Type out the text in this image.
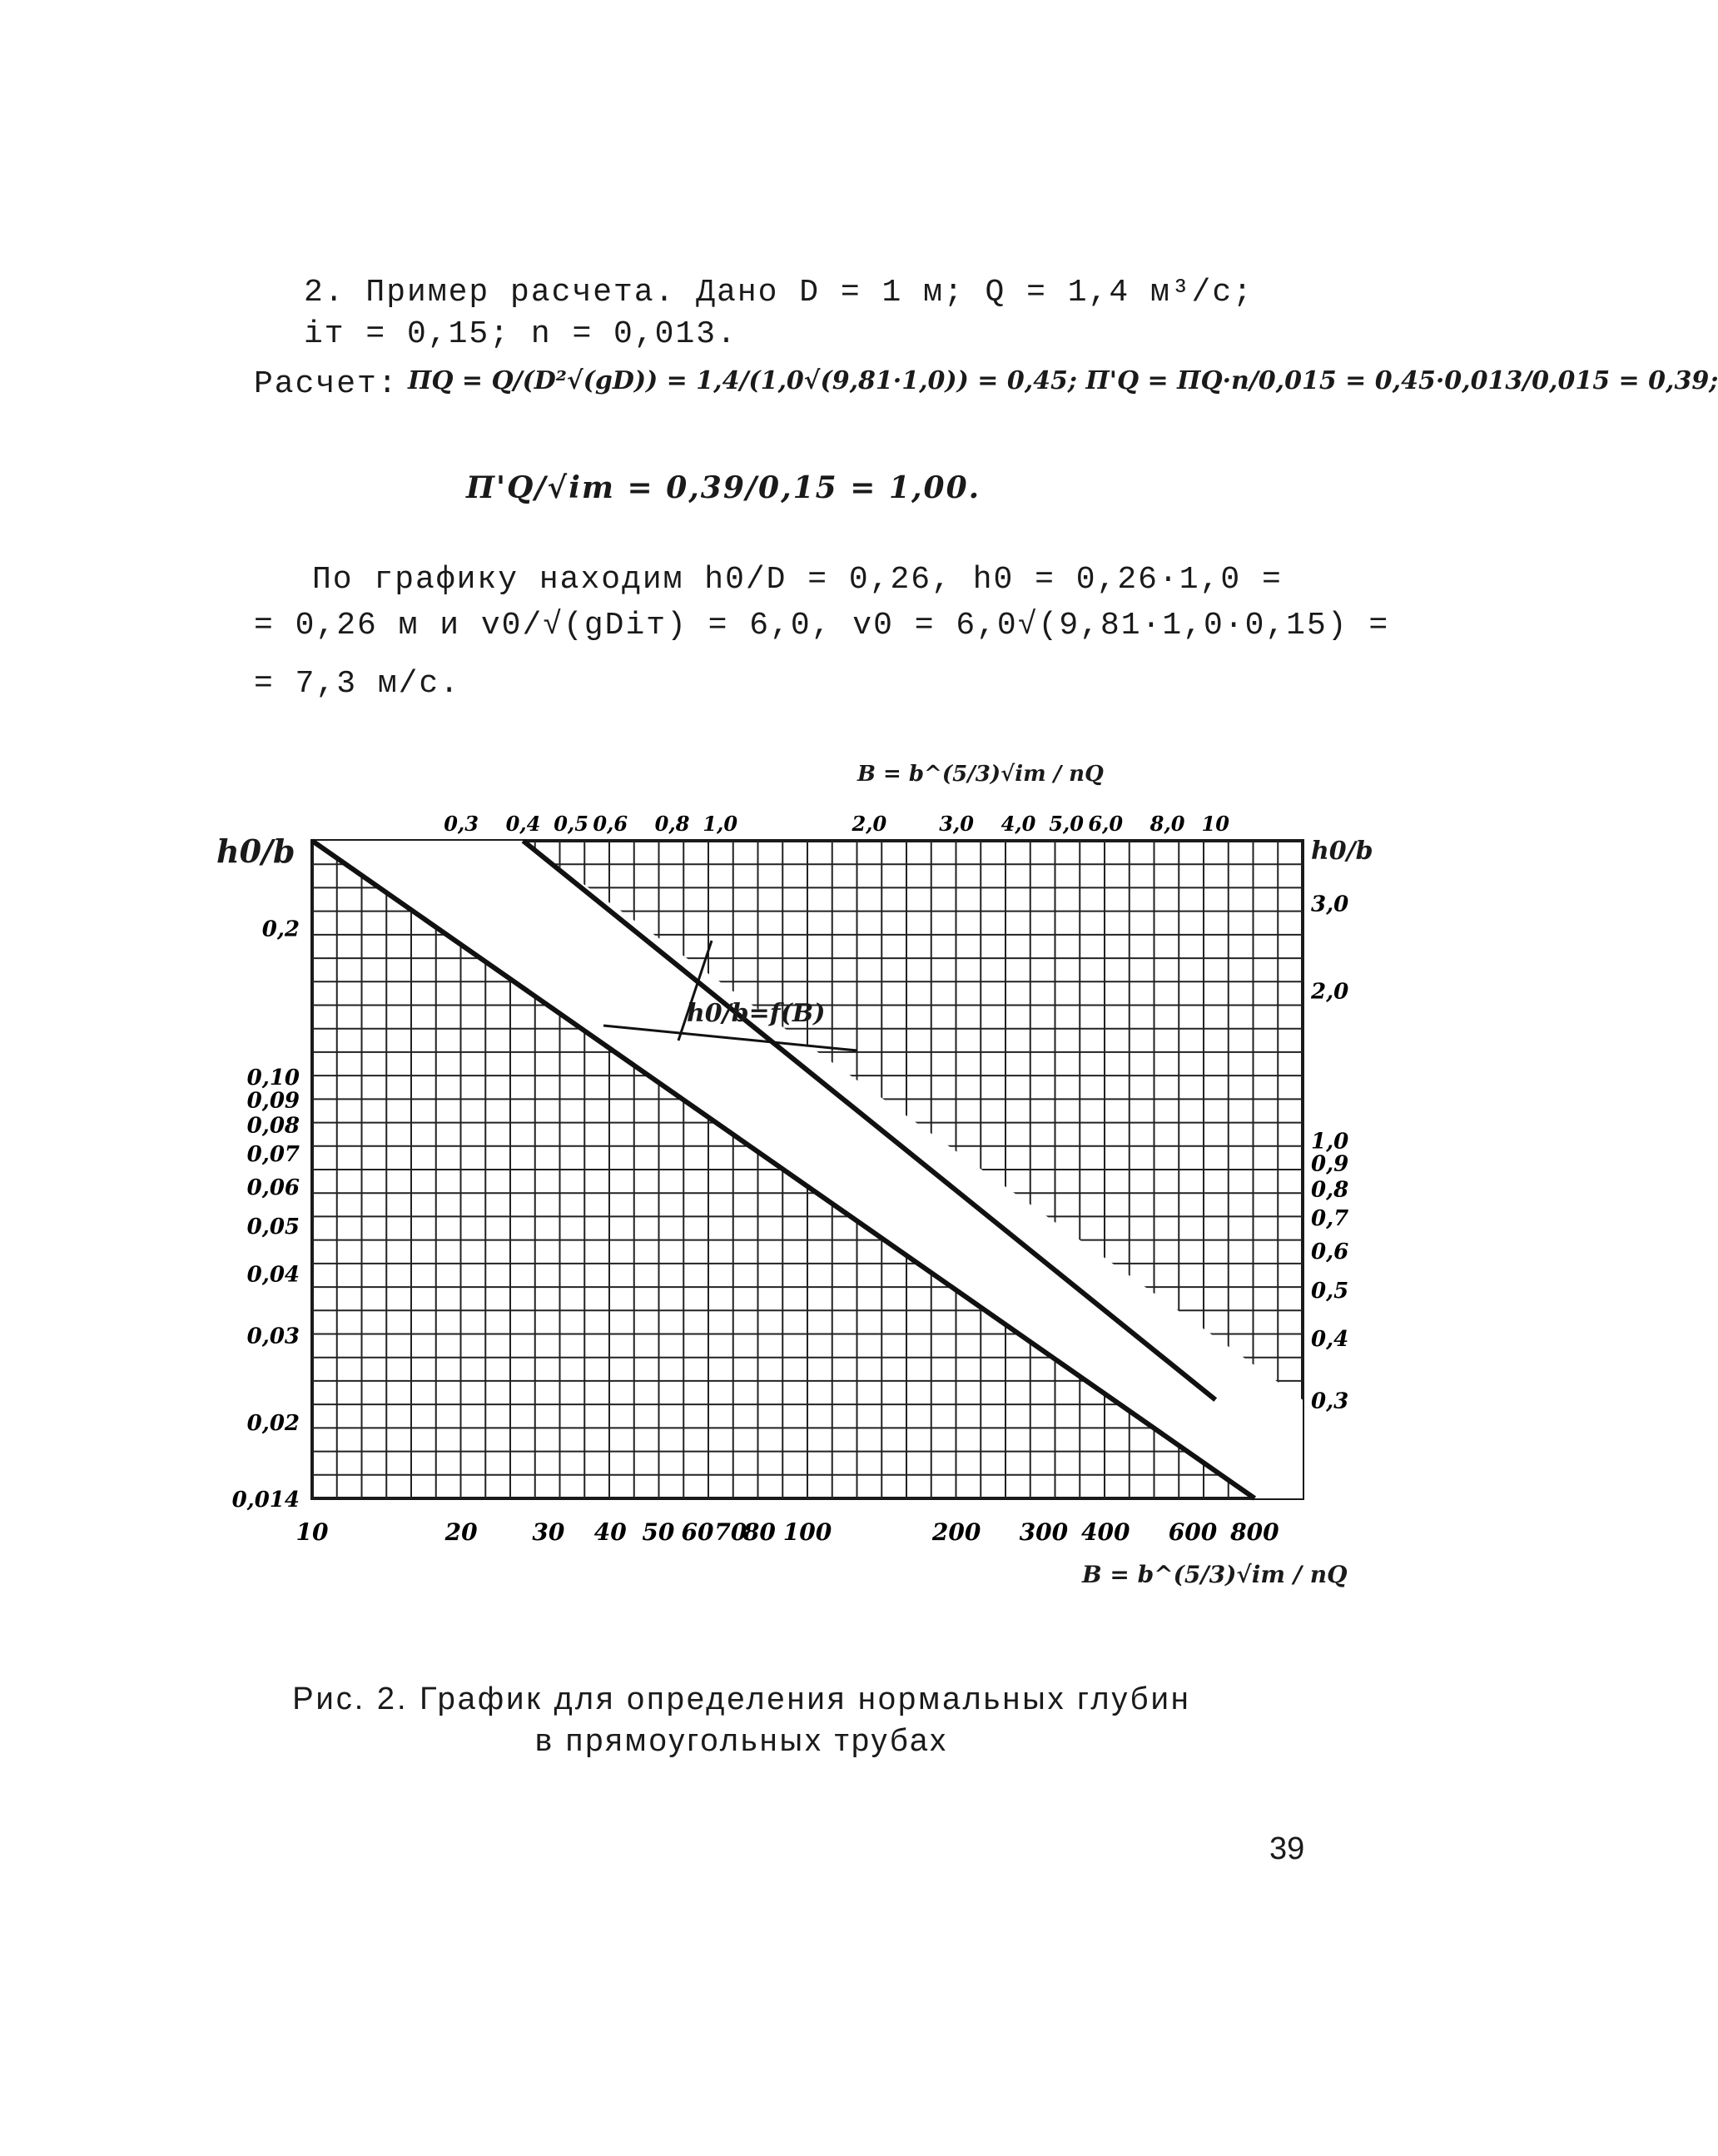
2. Пример расчета. Дано D = 1 м; Q = 1,4 м³/с;
iт = 0,15; n = 0,013.
Расчет: ПQ = Q/(D²√(gD)) = 1,4/(1,0√(9,81·1,0)) = 0,45; П'Q = ПQ·n/0,015 = 0,45·0,013/0,015 = 0,39;
П'Q/√iт = 0,39/0,15 = 1,00.
По графику находим h0/D = 0,26, h0 = 0,26·1,0 =
= 0,26 м и v0/√(gDiт) = 6,0, v0 = 6,0√(9,81·1,0·0,15) =
= 7,3 м/с.
10	20 30 40 50 60 70
80 100	200 300 400 600 800
0,3 0,4 0,5 0,6 0,8 1,0	2,0	3,0 4,0 5,0 6,0 8,0 10
0,2
0,10
0,09
0,08
0,07
0,06
0,05
0,04
0,03
0,02
0,014
3,0
2,0
1,0
0,9
0,8
0,7
0,6
0,5
0,4
0,3
h0/b	h0/b
B = b^(5/3)√iт / nQ
B = b^(5/3)√iт / nQ
h0/b=f(B)
Рис. 2. График для определения нормальных глубин
в прямоугольных трубах
39
